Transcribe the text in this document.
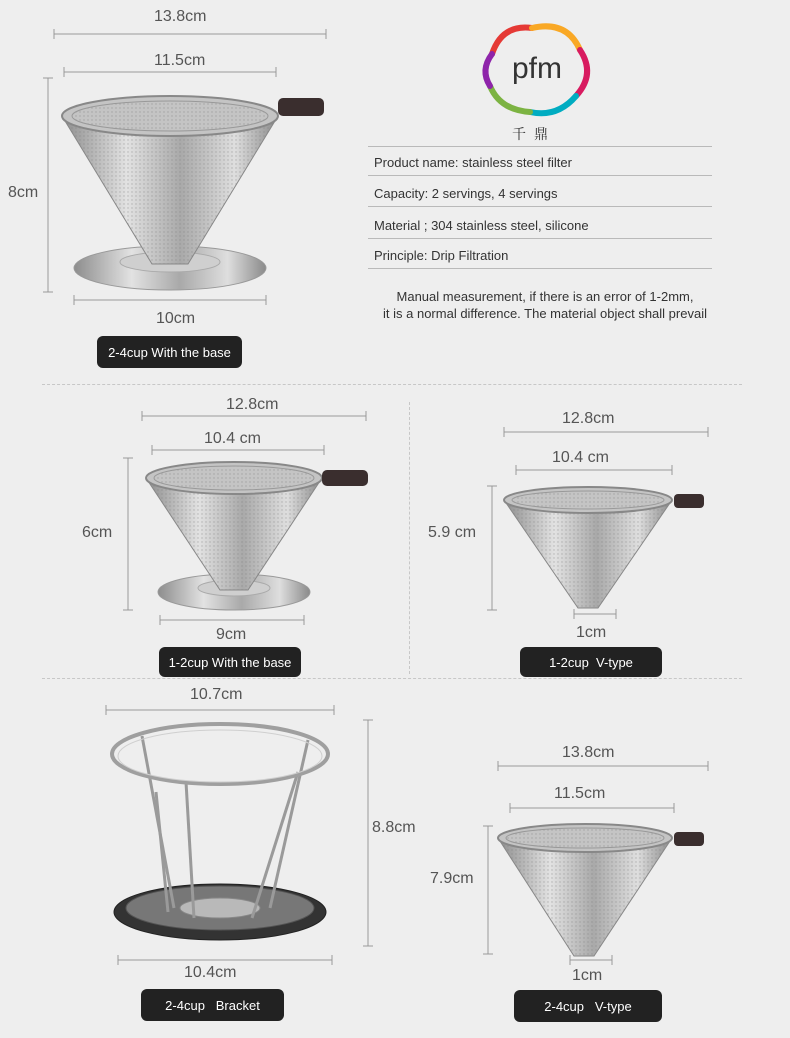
pfm
千鼎
Product name: stainless steel filter
Capacity: 2 servings, 4 servings
Material ; 304 stainless steel, silicone
Principle: Drip Filtration
Manual measurement, if there is an error of 1-2mm,
it is a normal difference. The material object shall prevail
13.8cm
11.5cm
8cm
10cm
2-4cup With the base
12.8cm
10.4 cm
6cm
9cm
1-2cup With the base
12.8cm
10.4 cm
5.9 cm
1cm
1-2cup  V-type
10.7cm
8.8cm
10.4cm
2-4cup   Bracket
13.8cm
11.5cm
7.9cm
1cm
2-4cup   V-type
